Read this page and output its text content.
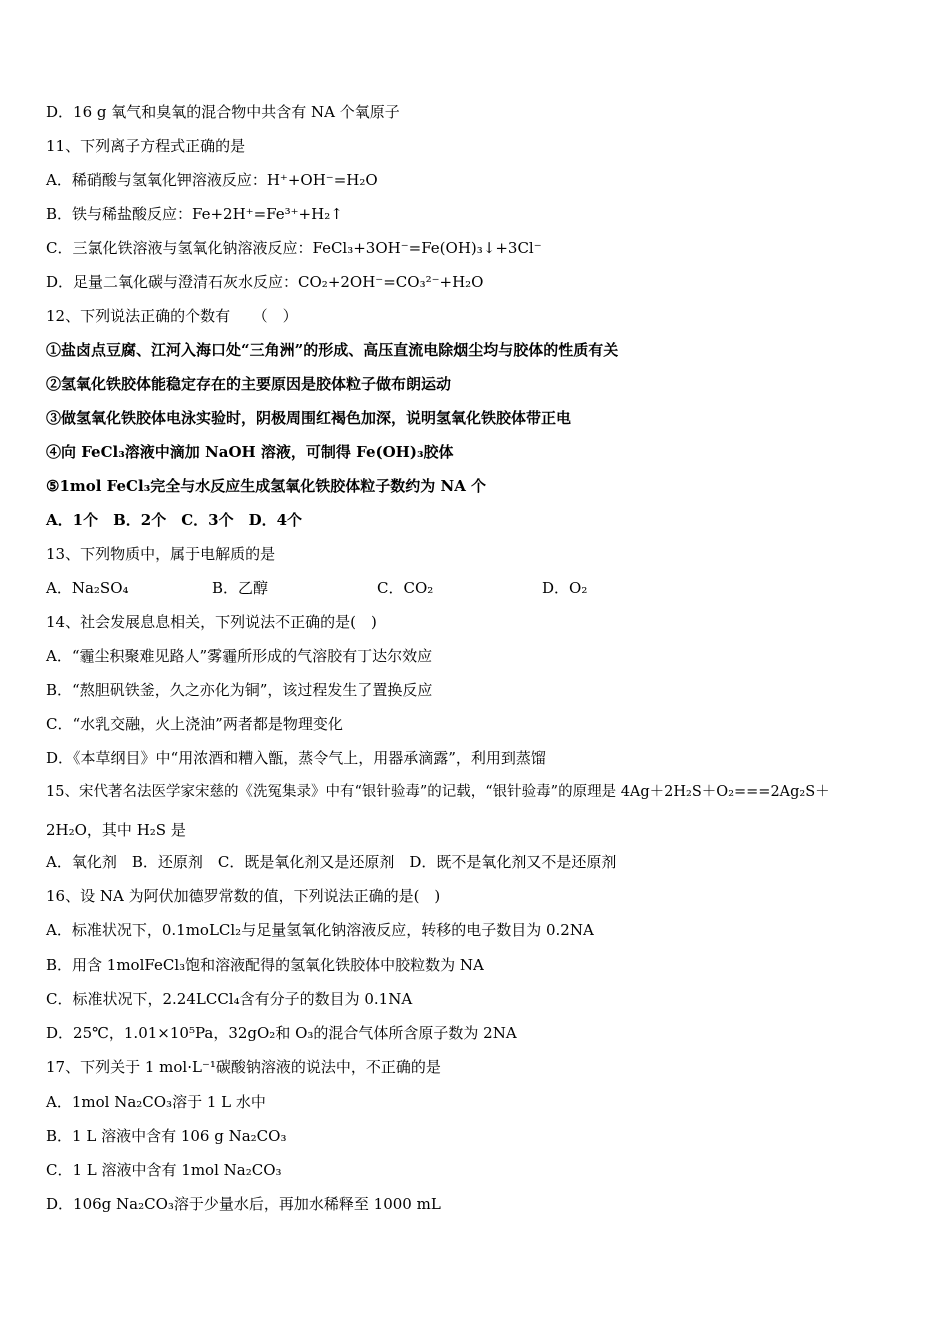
D．16 g 氧气和臭氧的混合物中共含有 NA 个氧原子
11、下列离子方程式正确的是
A．稀硝酸与氢氧化钾溶液反应：H⁺+OH⁻=H₂O
B．铁与稀盐酸反应：Fe+2H⁺=Fe³⁺+H₂↑
C．三氯化铁溶液与氢氧化钠溶液反应：FeCl₃+3OH⁻=Fe(OH)₃↓+3Cl⁻
D．足量二氧化碳与澄清石灰水反应：CO₂+2OH⁻=CO₃²⁻+H₂O
12、下列说法正确的个数有　　（　）
①盐卤点豆腐、江河入海口处“三角洲”的形成、高压直流电除烟尘均与胶体的性质有关
②氢氧化铁胶体能稳定存在的主要原因是胶体粒子做布朗运动
③做氢氧化铁胶体电泳实验时，阴极周围红褐色加深，说明氢氧化铁胶体带正电
④向 FeCl₃溶液中滴加 NaOH 溶液，可制得 Fe(OH)₃胶体
⑤1mol FeCl₃完全与水反应生成氢氧化铁胶体粒子数约为 NA 个
A．1个　B．2个　C．3个　D．4个
13、下列物质中，属于电解质的是
A．Na₂SO₄	B．乙醇	C．CO₂	D．O₂
14、社会发展息息相关，下列说法不正确的是(　)
A．“霾尘积聚难见路人”雾霾所形成的气溶胶有丁达尔效应
B．“熬胆矾铁釜，久之亦化为铜”，该过程发生了置换反应
C．“水乳交融，火上浇油”两者都是物理变化
D．《本草纲目》中“用浓酒和糟入甑，蒸令气上，用器承滴露”，利用到蒸馏
15、宋代著名法医学家宋慈的《洗冤集录》中有“银针验毒”的记载，“银针验毒”的原理是 4Ag＋2H₂S＋O₂===2Ag₂S＋
2H₂O，其中 H₂S 是
A．氧化剂　B．还原剂　C．既是氧化剂又是还原剂　D．既不是氧化剂又不是还原剂
16、设 NA 为阿伏加德罗常数的值，下列说法正确的是(　)
A．标准状况下，0.1moLCl₂与足量氢氧化钠溶液反应，转移的电子数目为 0.2NA
B．用含 1molFeCl₃饱和溶液配得的氢氧化铁胶体中胶粒数为 NA
C．标准状况下，2.24LCCl₄含有分子的数目为 0.1NA
D．25℃，1.01×10⁵Pa，32gO₂和 O₃的混合气体所含原子数为 2NA
17、下列关于 1 mol·L⁻¹碳酸钠溶液的说法中，不正确的是
A．1mol Na₂CO₃溶于 1 L 水中
B．1 L 溶液中含有 106 g Na₂CO₃
C．1 L 溶液中含有 1mol Na₂CO₃
D．106g Na₂CO₃溶于少量水后，再加水稀释至 1000 mL
